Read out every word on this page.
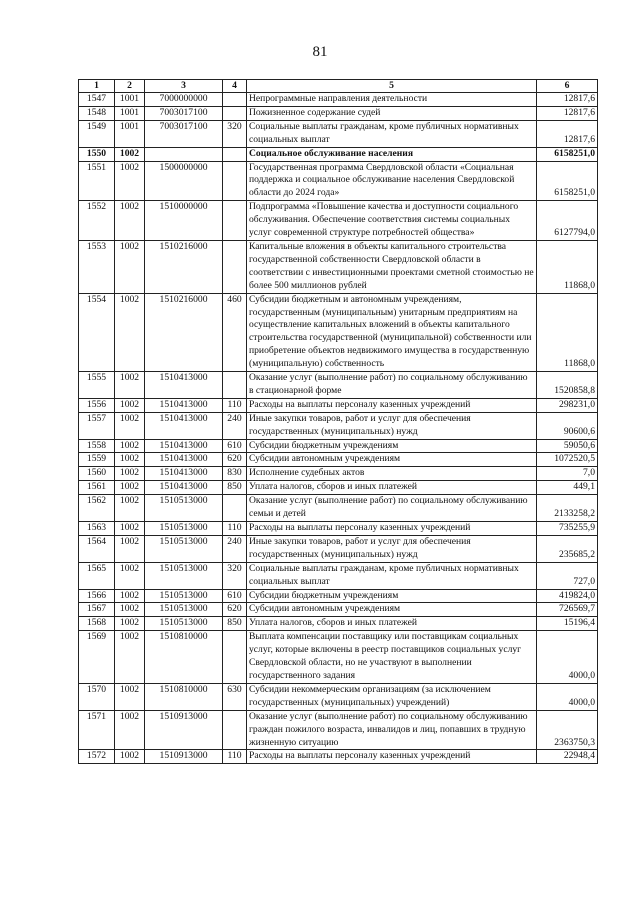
81
1	2	3	4	5	6
1547	1001	7000000000		Непрограммные направления деятельности	12817,6
1548	1001	7003017100		Пожизненное содержание судей	12817,6
1549	1001	7003017100	320	Социальные выплаты гражданам, кроме публичных нормативных социальных выплат	12817,6
1550	1002			Социальное обслуживание населения	6158251,0
1551	1002	1500000000		Государственная программа Свердловской области «Социальная поддержка и социальное обслуживание населения Свердловской области до 2024 года»	6158251,0
1552	1002	1510000000		Подпрограмма «Повышение качества и доступности социального обслуживания. Обеспечение соответствия системы социальных услуг современной структуре потребностей общества»	6127794,0
1553	1002	1510216000		Капитальные вложения в объекты капитального строительства государственной собственности Свердловской области в соответствии с инвестиционными проектами сметной стоимостью не более 500 миллионов рублей	11868,0
1554	1002	1510216000	460	Субсидии бюджетным и автономным учреждениям, государственным (муниципальным) унитарным предприятиям на осуществление капитальных вложений в объекты капитального строительства государственной (муниципальной) собственности или приобретение объектов недвижимого имущества в государственную (муниципальную) собственность	11868,0
1555	1002	1510413000		Оказание услуг (выполнение работ) по социальному обслуживанию в стационарной форме	1520858,8
1556	1002	1510413000	110	Расходы на выплаты персоналу казенных учреждений	298231,0
1557	1002	1510413000	240	Иные закупки товаров, работ и услуг для обеспечения государственных (муниципальных) нужд	90600,6
1558	1002	1510413000	610	Субсидии бюджетным учреждениям	59050,6
1559	1002	1510413000	620	Субсидии автономным учреждениям	1072520,5
1560	1002	1510413000	830	Исполнение судебных актов	7,0
1561	1002	1510413000	850	Уплата налогов, сборов и иных платежей	449,1
1562	1002	1510513000		Оказание услуг (выполнение работ) по социальному обслуживанию семьи и детей	2133258,2
1563	1002	1510513000	110	Расходы на выплаты персоналу казенных учреждений	735255,9
1564	1002	1510513000	240	Иные закупки товаров, работ и услуг для обеспечения государственных (муниципальных) нужд	235685,2
1565	1002	1510513000	320	Социальные выплаты гражданам, кроме публичных нормативных социальных выплат	727,0
1566	1002	1510513000	610	Субсидии бюджетным учреждениям	419824,0
1567	1002	1510513000	620	Субсидии автономным учреждениям	726569,7
1568	1002	1510513000	850	Уплата налогов, сборов и иных платежей	15196,4
1569	1002	1510810000		Выплата компенсации поставщику или поставщикам социальных услуг, которые включены в реестр поставщиков социальных услуг Свердловской области, но не участвуют в выполнении государственного задания	4000,0
1570	1002	1510810000	630	Субсидии некоммерческим организациям (за исключением государственных (муниципальных) учреждений)	4000,0
1571	1002	1510913000		Оказание услуг (выполнение работ) по социальному обслуживанию граждан пожилого возраста, инвалидов и лиц, попавших в трудную жизненную ситуацию	2363750,3
1572	1002	1510913000	110	Расходы на выплаты персоналу казенных учреждений	22948,4
